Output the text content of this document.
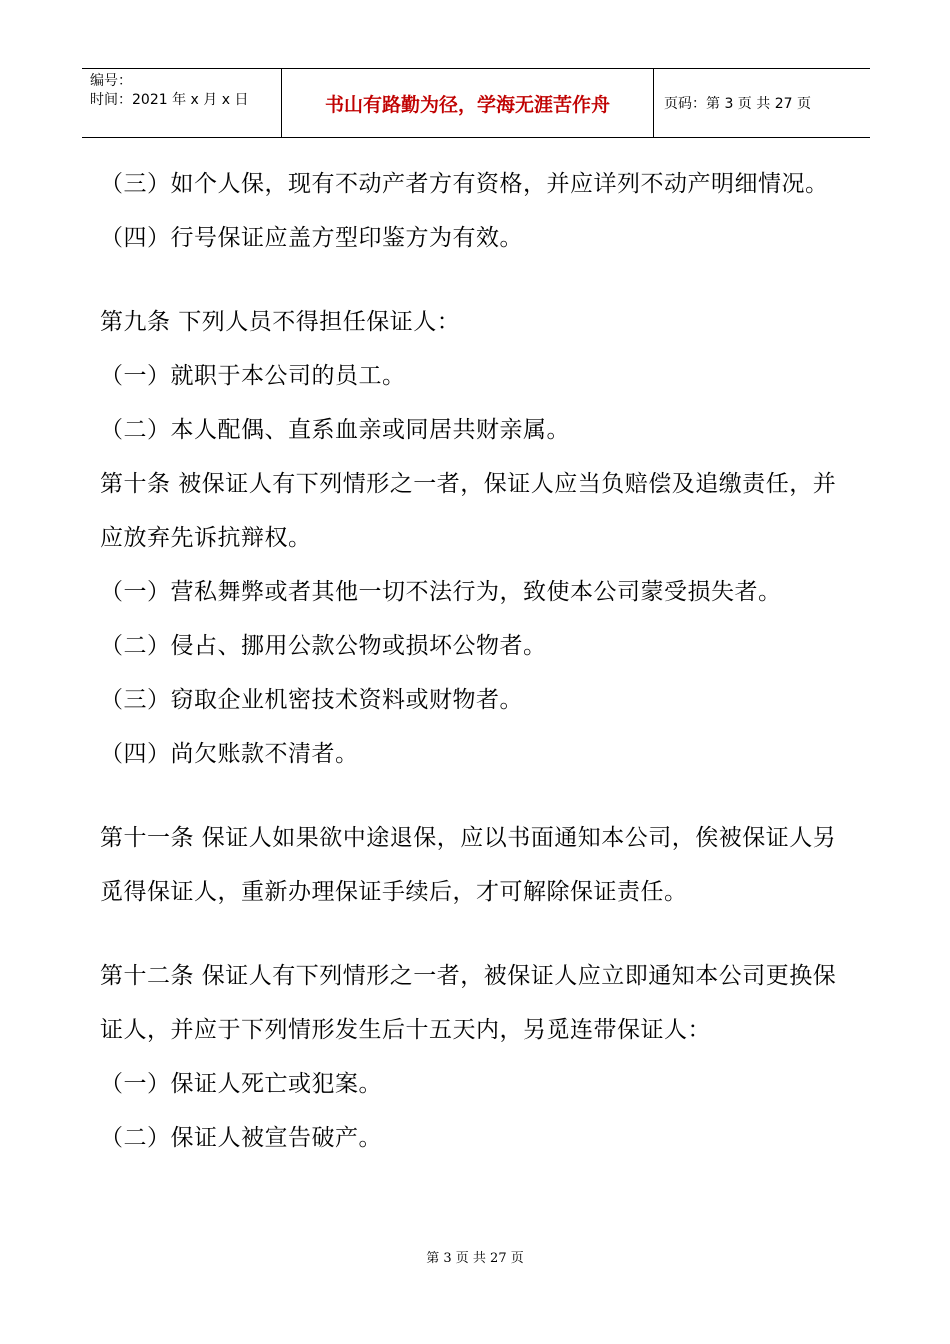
编号：
时间：2021 年 x 月 x 日	书山有路勤为径，学海无涯苦作舟	页码：第 3 页 共 27 页

（三）如个人保，现有不动产者方有资格，并应详列不动产明细情况。

（四）行号保证应盖方型印鉴方为有效。

第九条 下列人员不得担任保证人：

（一）就职于本公司的员工。

（二）本人配偶、直系血亲或同居共财亲属。

第十条 被保证人有下列情形之一者，保证人应当负赔偿及追缴责任，并应放弃先诉抗辩权。

（一）营私舞弊或者其他一切不法行为，致使本公司蒙受损失者。

（二）侵占、挪用公款公物或损坏公物者。

（三）窃取企业机密技术资料或财物者。

（四）尚欠账款不清者。

第十一条 保证人如果欲中途退保，应以书面通知本公司，俟被保证人另觅得保证人，重新办理保证手续后，才可解除保证责任。

第十二条 保证人有下列情形之一者，被保证人应立即通知本公司更换保证人，并应于下列情形发生后十五天内，另觅连带保证人：

（一）保证人死亡或犯案。

（二）保证人被宣告破产。

第 3 页 共 27 页
